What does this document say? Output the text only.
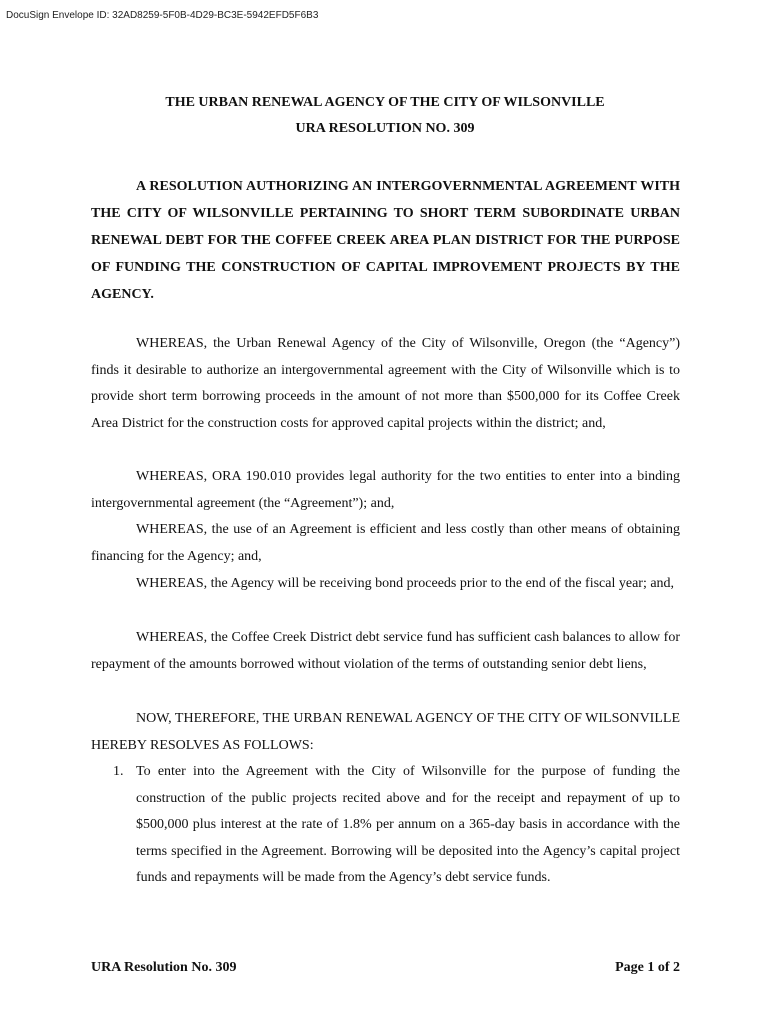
DocuSign Envelope ID: 32AD8259-5F0B-4D29-BC3E-5942EFD5F6B3
THE URBAN RENEWAL AGENCY OF THE CITY OF WILSONVILLE
URA RESOLUTION NO. 309
A RESOLUTION AUTHORIZING AN INTERGOVERNMENTAL AGREEMENT WITH THE CITY OF WILSONVILLE PERTAINING TO SHORT TERM SUBORDINATE URBAN RENEWAL DEBT FOR THE COFFEE CREEK AREA PLAN DISTRICT FOR THE PURPOSE OF FUNDING THE CONSTRUCTION OF CAPITAL IMPROVEMENT PROJECTS BY THE AGENCY.
WHEREAS, the Urban Renewal Agency of the City of Wilsonville, Oregon (the “Agency”) finds it desirable to authorize an intergovernmental agreement with the City of Wilsonville which is to provide short term borrowing proceeds in the amount of not more than $500,000 for its Coffee Creek Area District for the construction costs for approved capital projects within the district; and,
WHEREAS, ORA 190.010 provides legal authority for the two entities to enter into a binding intergovernmental agreement (the “Agreement”); and,
WHEREAS, the use of an Agreement is efficient and less costly than other means of obtaining financing for the Agency; and,
WHEREAS, the Agency will be receiving bond proceeds prior to the end of the fiscal year; and,
WHEREAS, the Coffee Creek District debt service fund has sufficient cash balances to allow for repayment of the amounts borrowed without violation of the terms of outstanding senior debt liens,
NOW, THEREFORE, THE URBAN RENEWAL AGENCY OF THE CITY OF WILSONVILLE HEREBY RESOLVES AS FOLLOWS:
1. To enter into the Agreement with the City of Wilsonville for the purpose of funding the construction of the public projects recited above and for the receipt and repayment of up to $500,000 plus interest at the rate of 1.8% per annum on a 365-day basis in accordance with the terms specified in the Agreement. Borrowing will be deposited into the Agency’s capital project funds and repayments will be made from the Agency’s debt service funds.
URA Resolution No. 309	Page 1 of 2
